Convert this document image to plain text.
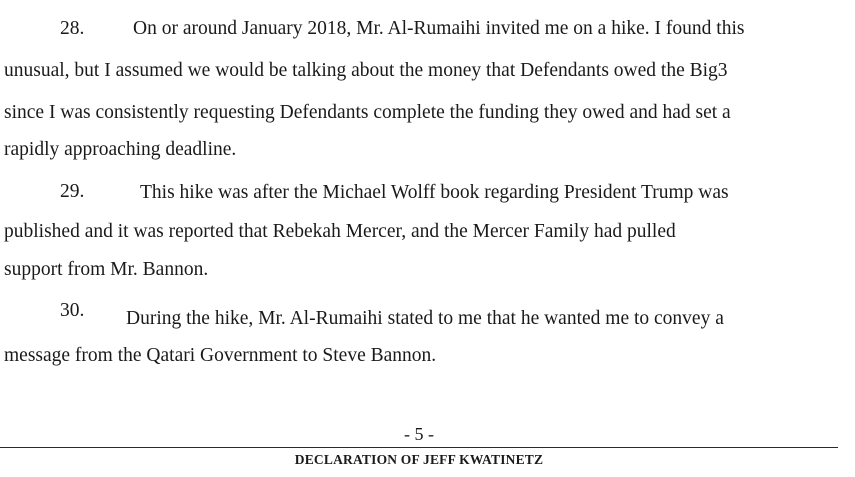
28. On or around January 2018, Mr. Al-Rumaihi invited me on a hike. I found this
unusual, but I assumed we would be talking about the money that Defendants owed the Big3
since I was consistently requesting Defendants complete the funding they owed and had set a
rapidly approaching deadline.
29.	This hike was after the Michael Wolff book regarding President Trump was
published and it was reported that Rebekah Mercer, and the Mercer Family had pulled
support from Mr. Bannon.
30. During the hike, Mr. Al-Rumaihi stated to me that he wanted me to convey a
message from the Qatari Government to Steve Bannon.
- 5 -
DECLARATION OF JEFF KWATINETZ
